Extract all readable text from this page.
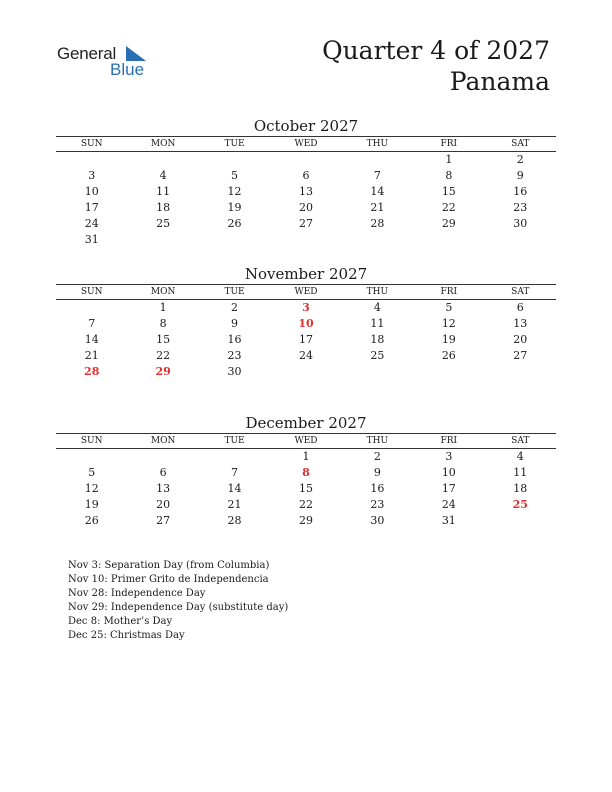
General
Blue
Quarter 4 of 2027
Panama
October 2027
SUN	MON	TUE	WED	THU	FRI	SAT
					1	2
3	4	5	6	7	8	9
10	11	12	13	14	15	16
17	18	19	20	21	22	23
24	25	26	27	28	29	30
31						
November 2027
SUN	MON	TUE	WED	THU	FRI	SAT
	1	2	3	4	5	6
7	8	9	10	11	12	13
14	15	16	17	18	19	20
21	22	23	24	25	26	27
28	29	30				
December 2027
SUN	MON	TUE	WED	THU	FRI	SAT
			1	2	3	4
5	6	7	8	9	10	11
12	13	14	15	16	17	18
19	20	21	22	23	24	25
26	27	28	29	30	31	
Nov 3: Separation Day (from Columbia)
Nov 10: Primer Grito de Independencia
Nov 28: Independence Day
Nov 29: Independence Day (substitute day)
Dec 8: Mother’s Day
Dec 25: Christmas Day
